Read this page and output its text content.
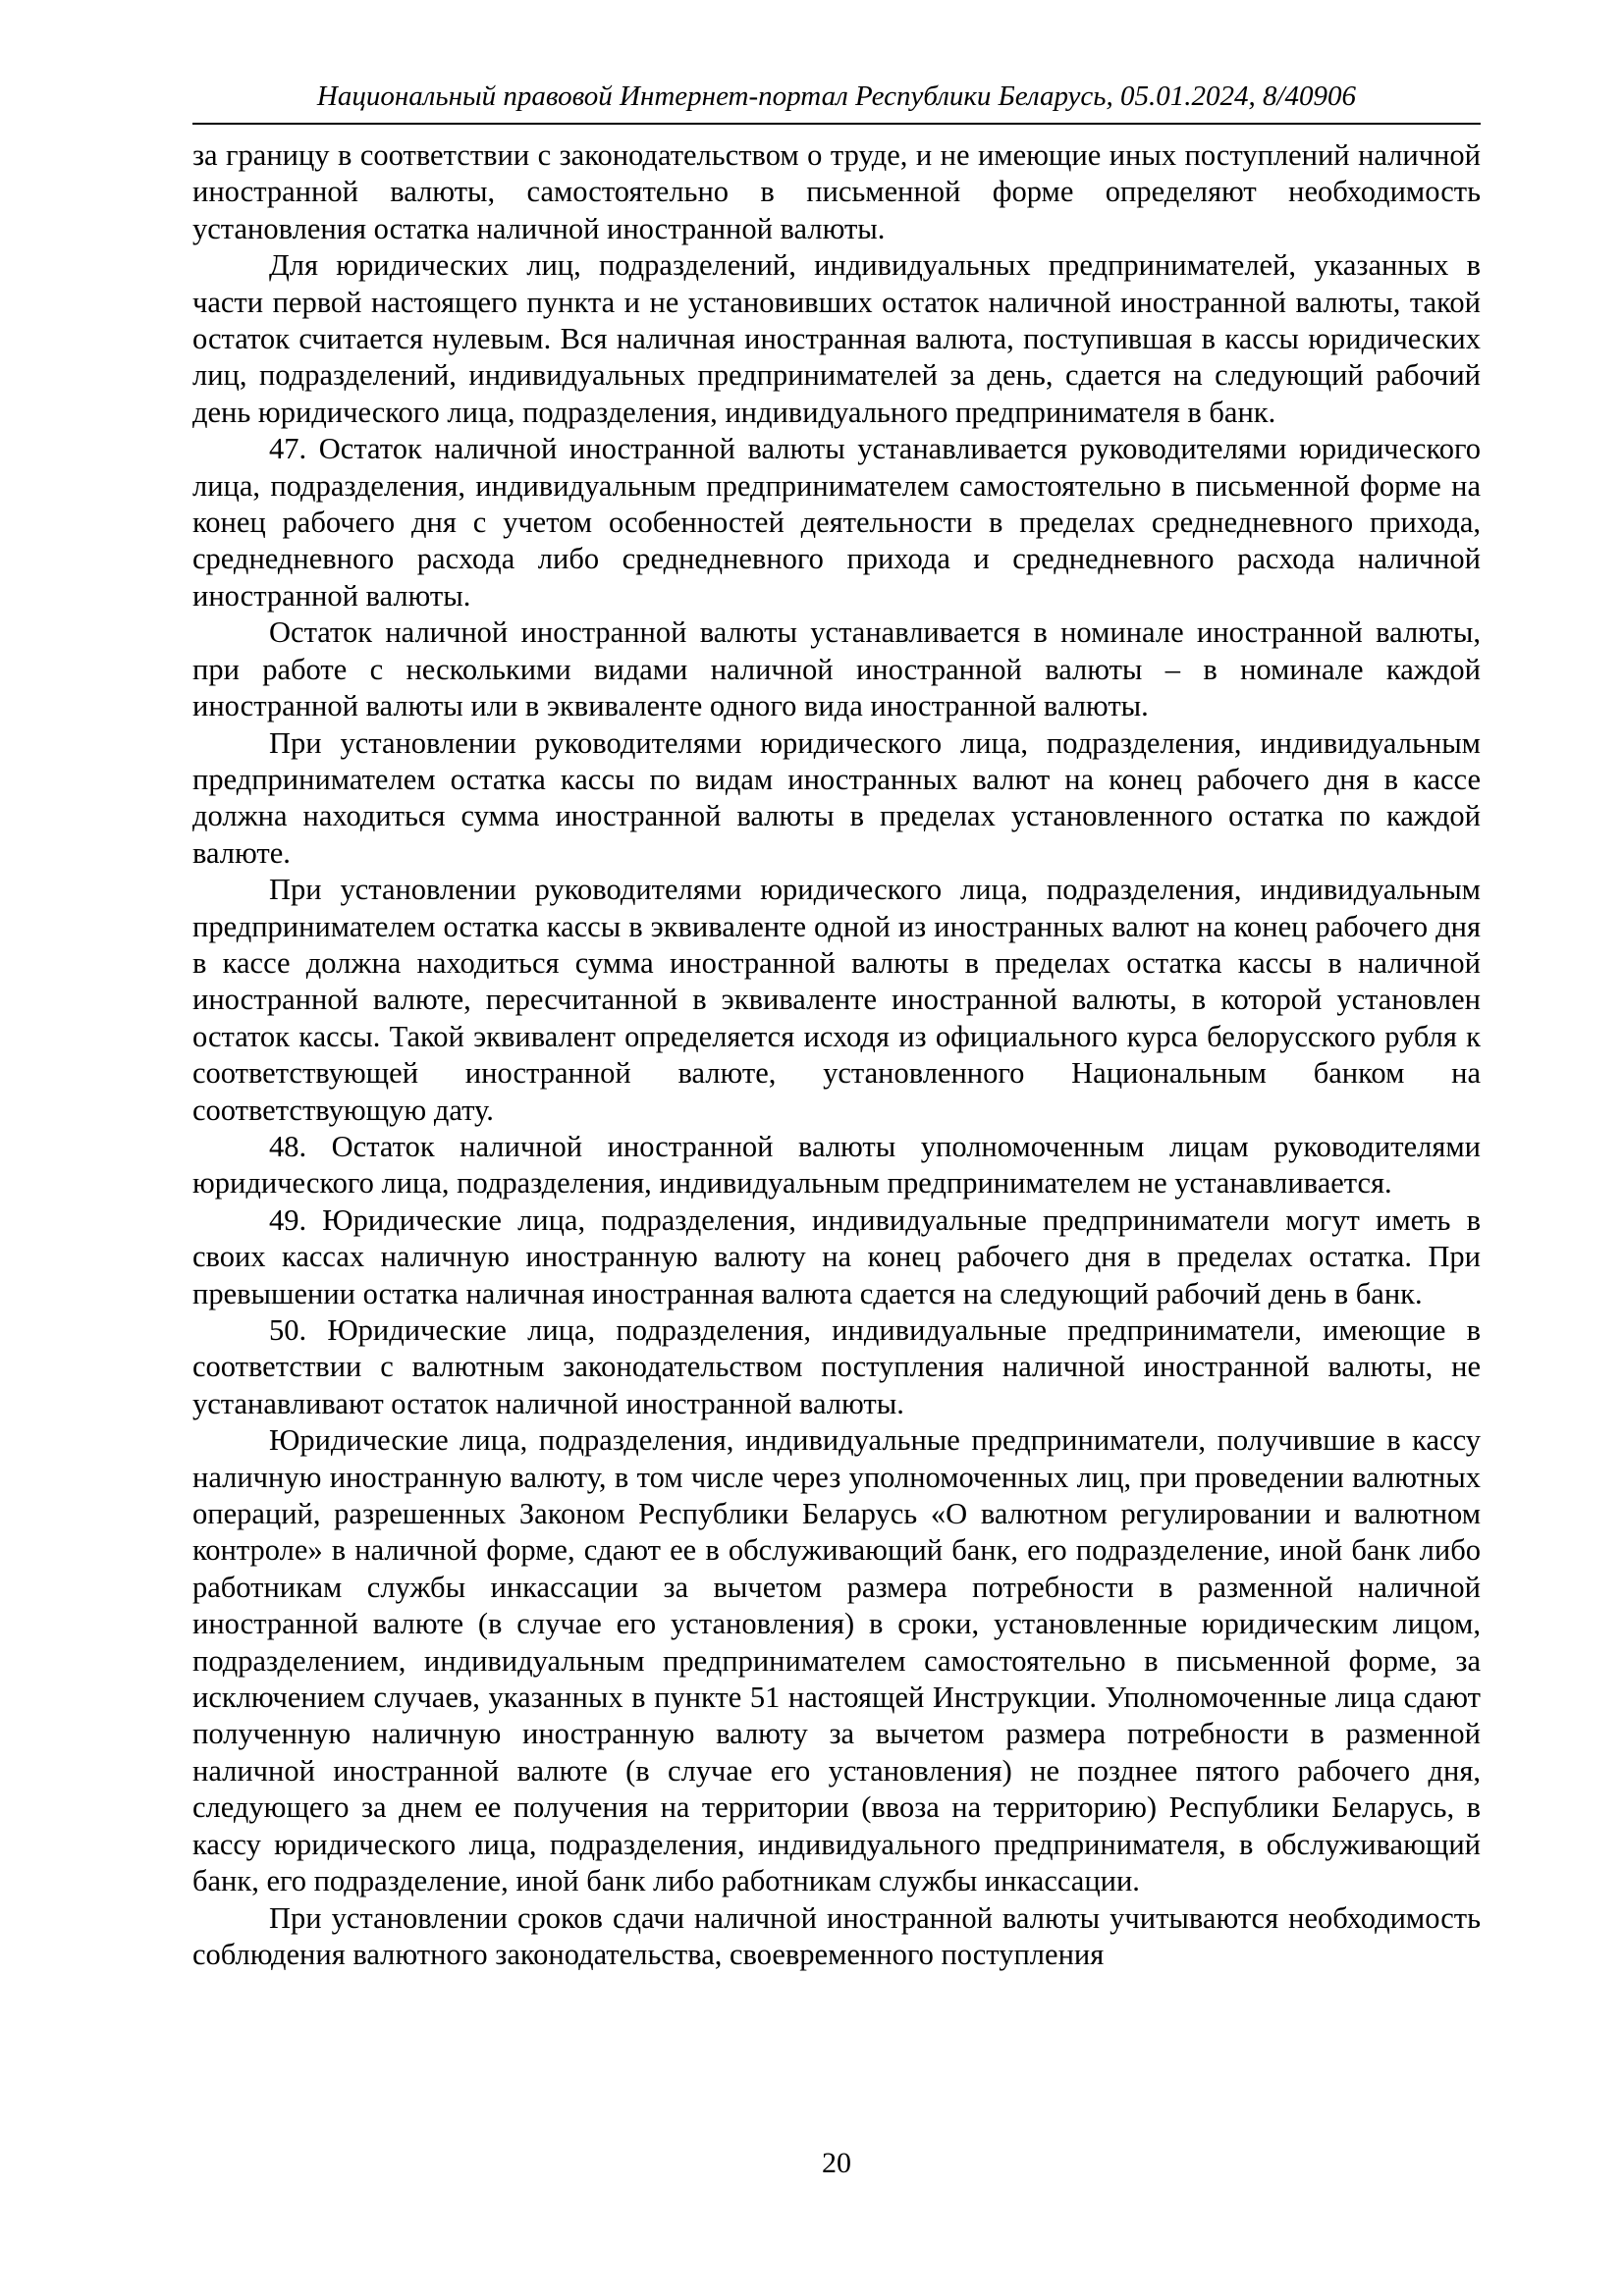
Национальный правовой Интернет-портал Республики Беларусь, 05.01.2024, 8/40906

за границу в соответствии с законодательством о труде, и не имеющие иных поступлений наличной иностранной валюты, самостоятельно в письменной форме определяют необходимость установления остатка наличной иностранной валюты.

Для юридических лиц, подразделений, индивидуальных предпринимателей, указанных в части первой настоящего пункта и не установивших остаток наличной иностранной валюты, такой остаток считается нулевым. Вся наличная иностранная валюта, поступившая в кассы юридических лиц, подразделений, индивидуальных предпринимателей за день, сдается на следующий рабочий день юридического лица, подразделения, индивидуального предпринимателя в банк.

47. Остаток наличной иностранной валюты устанавливается руководителями юридического лица, подразделения, индивидуальным предпринимателем самостоятельно в письменной форме на конец рабочего дня с учетом особенностей деятельности в пределах среднедневного прихода, среднедневного расхода либо среднедневного прихода и среднедневного расхода наличной иностранной валюты.

Остаток наличной иностранной валюты устанавливается в номинале иностранной валюты, при работе с несколькими видами наличной иностранной валюты – в номинале каждой иностранной валюты или в эквиваленте одного вида иностранной валюты.

При установлении руководителями юридического лица, подразделения, индивидуальным предпринимателем остатка кассы по видам иностранных валют на конец рабочего дня в кассе должна находиться сумма иностранной валюты в пределах установленного остатка по каждой валюте.

При установлении руководителями юридического лица, подразделения, индивидуальным предпринимателем остатка кассы в эквиваленте одной из иностранных валют на конец рабочего дня в кассе должна находиться сумма иностранной валюты в пределах остатка кассы в наличной иностранной валюте, пересчитанной в эквиваленте иностранной валюты, в которой установлен остаток кассы. Такой эквивалент определяется исходя из официального курса белорусского рубля к соответствующей иностранной валюте, установленного Национальным банком на соответствующую дату.

48. Остаток наличной иностранной валюты уполномоченным лицам руководителями юридического лица, подразделения, индивидуальным предпринимателем не устанавливается.

49. Юридические лица, подразделения, индивидуальные предприниматели могут иметь в своих кассах наличную иностранную валюту на конец рабочего дня в пределах остатка. При превышении остатка наличная иностранная валюта сдается на следующий рабочий день в банк.

50. Юридические лица, подразделения, индивидуальные предприниматели, имеющие в соответствии с валютным законодательством поступления наличной иностранной валюты, не устанавливают остаток наличной иностранной валюты.

Юридические лица, подразделения, индивидуальные предприниматели, получившие в кассу наличную иностранную валюту, в том числе через уполномоченных лиц, при проведении валютных операций, разрешенных Законом Республики Беларусь «О валютном регулировании и валютном контроле» в наличной форме, сдают ее в обслуживающий банк, его подразделение, иной банк либо работникам службы инкассации за вычетом размера потребности в разменной наличной иностранной валюте (в случае его установления) в сроки, установленные юридическим лицом, подразделением, индивидуальным предпринимателем самостоятельно в письменной форме, за исключением случаев, указанных в пункте 51 настоящей Инструкции. Уполномоченные лица сдают полученную наличную иностранную валюту за вычетом размера потребности в разменной наличной иностранной валюте (в случае его установления) не позднее пятого рабочего дня, следующего за днем ее получения на территории (ввоза на территорию) Республики Беларусь, в кассу юридического лица, подразделения, индивидуального предпринимателя, в обслуживающий банк, его подразделение, иной банк либо работникам службы инкассации.

При установлении сроков сдачи наличной иностранной валюты учитываются необходимость соблюдения валютного законодательства, своевременного поступления

20
